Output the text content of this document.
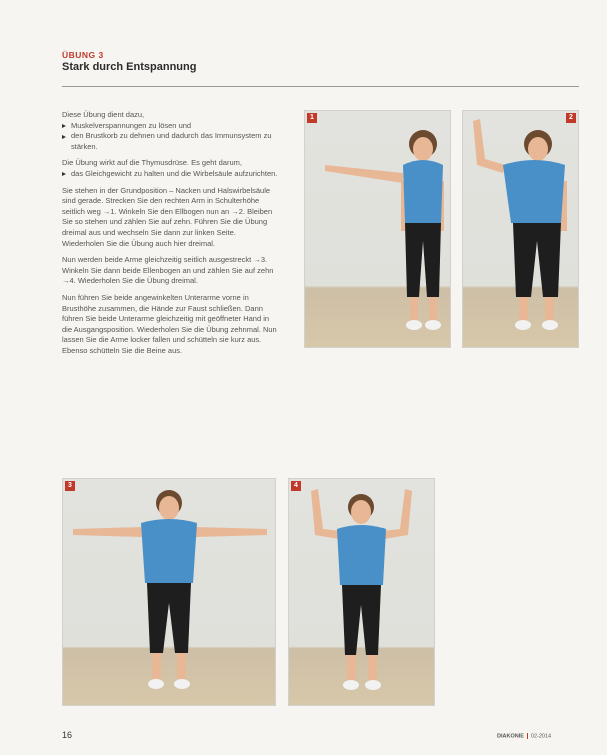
ÜBUNG 3
Stark durch Entspannung

Diese Übung dient dazu,

Muskelverspannungen zu lösen und
den Brustkorb zu dehnen und dadurch das Immunsystem zu stärken.

Die Übung wirkt auf die Thymusdrüse. Es geht darum,

das Gleichgewicht zu halten und die Wirbelsäule aufzurichten.

Sie stehen in der Grundposition – Nacken und Halswirbelsäule sind gerade. Strecken Sie den rechten Arm in Schulterhöhe seitlich weg →1. Winkeln Sie den Ellbogen nun an →2. Bleiben Sie so stehen und zählen Sie auf zehn. Führen Sie die Übung dreimal aus und wechseln Sie dann zur linken Seite. Wiederholen Sie die Übung auch hier dreimal.

Nun werden beide Arme gleichzeitig seitlich ausgestreckt →3. Winkeln Sie dann beide Ellenbogen an und zählen Sie auf zehn →4. Wiederholen Sie die Übung dreimal.

Nun führen Sie beide angewinkelten Unterarme vorne in Brusthöhe zusammen, die Hände zur Faust schließen. Dann führen Sie beide Unterarme gleichzeitig mit geöffneter Hand in die Ausgangsposition. Wiederholen Sie die Übung zehnmal. Nun lassen Sie die Arme locker fallen und schütteln sie kurz aus. Ebenso schütteln Sie die Beine aus.

1	2
3	4
16	DIAKONIE 02-2014
